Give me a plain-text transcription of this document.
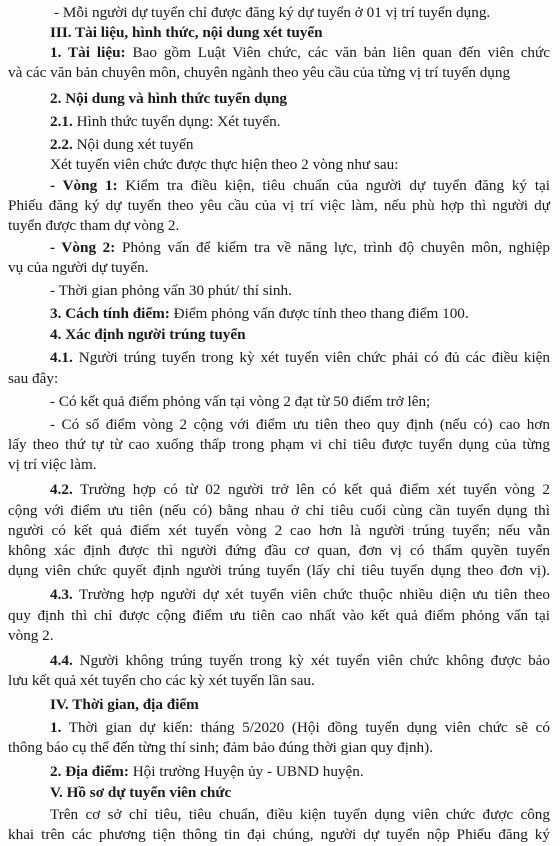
- Mỗi người dự tuyển chỉ được đăng ký dự tuyển ở 01 vị trí tuyển dụng.
III. Tài liệu, hình thức, nội dung xét tuyển
1. Tài liệu: Bao gồm Luật Viên chức, các văn bản liên quan đến viên chức
và các văn bản chuyên môn, chuyên ngành theo yêu cầu của từng vị trí tuyển dụng
2. Nội dung và hình thức tuyển dụng
2.1. Hình thức tuyển dụng: Xét tuyển.
2.2. Nội dung xét tuyển
Xét tuyển viên chức được thực hiện theo 2 vòng như sau:
- Vòng 1: Kiểm tra điều kiện, tiêu chuẩn của người dự tuyển đăng ký tại
Phiếu đăng ký dự tuyển theo yêu cầu của vị trí việc làm, nếu phù hợp thì người dự
tuyển được tham dự vòng 2.
- Vòng 2: Phỏng vấn để kiểm tra về năng lực, trình độ chuyên môn, nghiệp
vụ của người dự tuyển.
- Thời gian phỏng vấn 30 phút/ thí sinh.
3. Cách tính điểm: Điểm phỏng vấn được tính theo thang điểm 100.
4. Xác định người trúng tuyển
4.1. Người trúng tuyển trong kỳ xét tuyển viên chức phải có đủ các điều kiện
sau đây:
- Có kết quả điểm phỏng vấn tại vòng 2 đạt từ 50 điểm trở lên;
- Có số điểm vòng 2 cộng với điểm ưu tiên theo quy định (nếu có) cao hơn
lấy theo thứ tự từ cao xuống thấp trong phạm vi chỉ tiêu được tuyển dụng của từng
vị trí việc làm.
4.2. Trường hợp có từ 02 người trở lên có kết quả điểm xét tuyển vòng 2
cộng với điểm ưu tiên (nếu có) bằng nhau ở chỉ tiêu cuối cùng cần tuyển dụng thì
người có kết quả điểm xét tuyển vòng 2 cao hơn là người trúng tuyển; nếu vẫn
không xác định được thì người đứng đầu cơ quan, đơn vị có thẩm quyền tuyển
dụng viên chức quyết định người trúng tuyển (lấy chỉ tiêu tuyển dụng theo đơn vị).
4.3. Trường hợp người dự xét tuyển viên chức thuộc nhiều diện ưu tiên theo
quy định thì chỉ được cộng điểm ưu tiên cao nhất vào kết quả điểm phỏng vấn tại
vòng 2.
4.4. Người không trúng tuyển trong kỳ xét tuyển viên chức không được bảo
lưu kết quả xét tuyển cho các kỳ xét tuyển lần sau.
IV. Thời gian, địa điểm
1. Thời gian dự kiến: tháng 5/2020 (Hội đồng tuyển dụng viên chức sẽ có
thông báo cụ thể đến từng thí sinh; đảm bảo đúng thời gian quy định).
2. Địa điểm: Hội trường Huyện ủy - UBND huyện.
V. Hồ sơ dự tuyển viên chức
Trên cơ sở chỉ tiêu, tiêu chuẩn, điều kiện tuyển dụng viên chức được công
khai trên các phương tiện thông tin đại chúng, người dự tuyển nộp Phiếu đăng ký
